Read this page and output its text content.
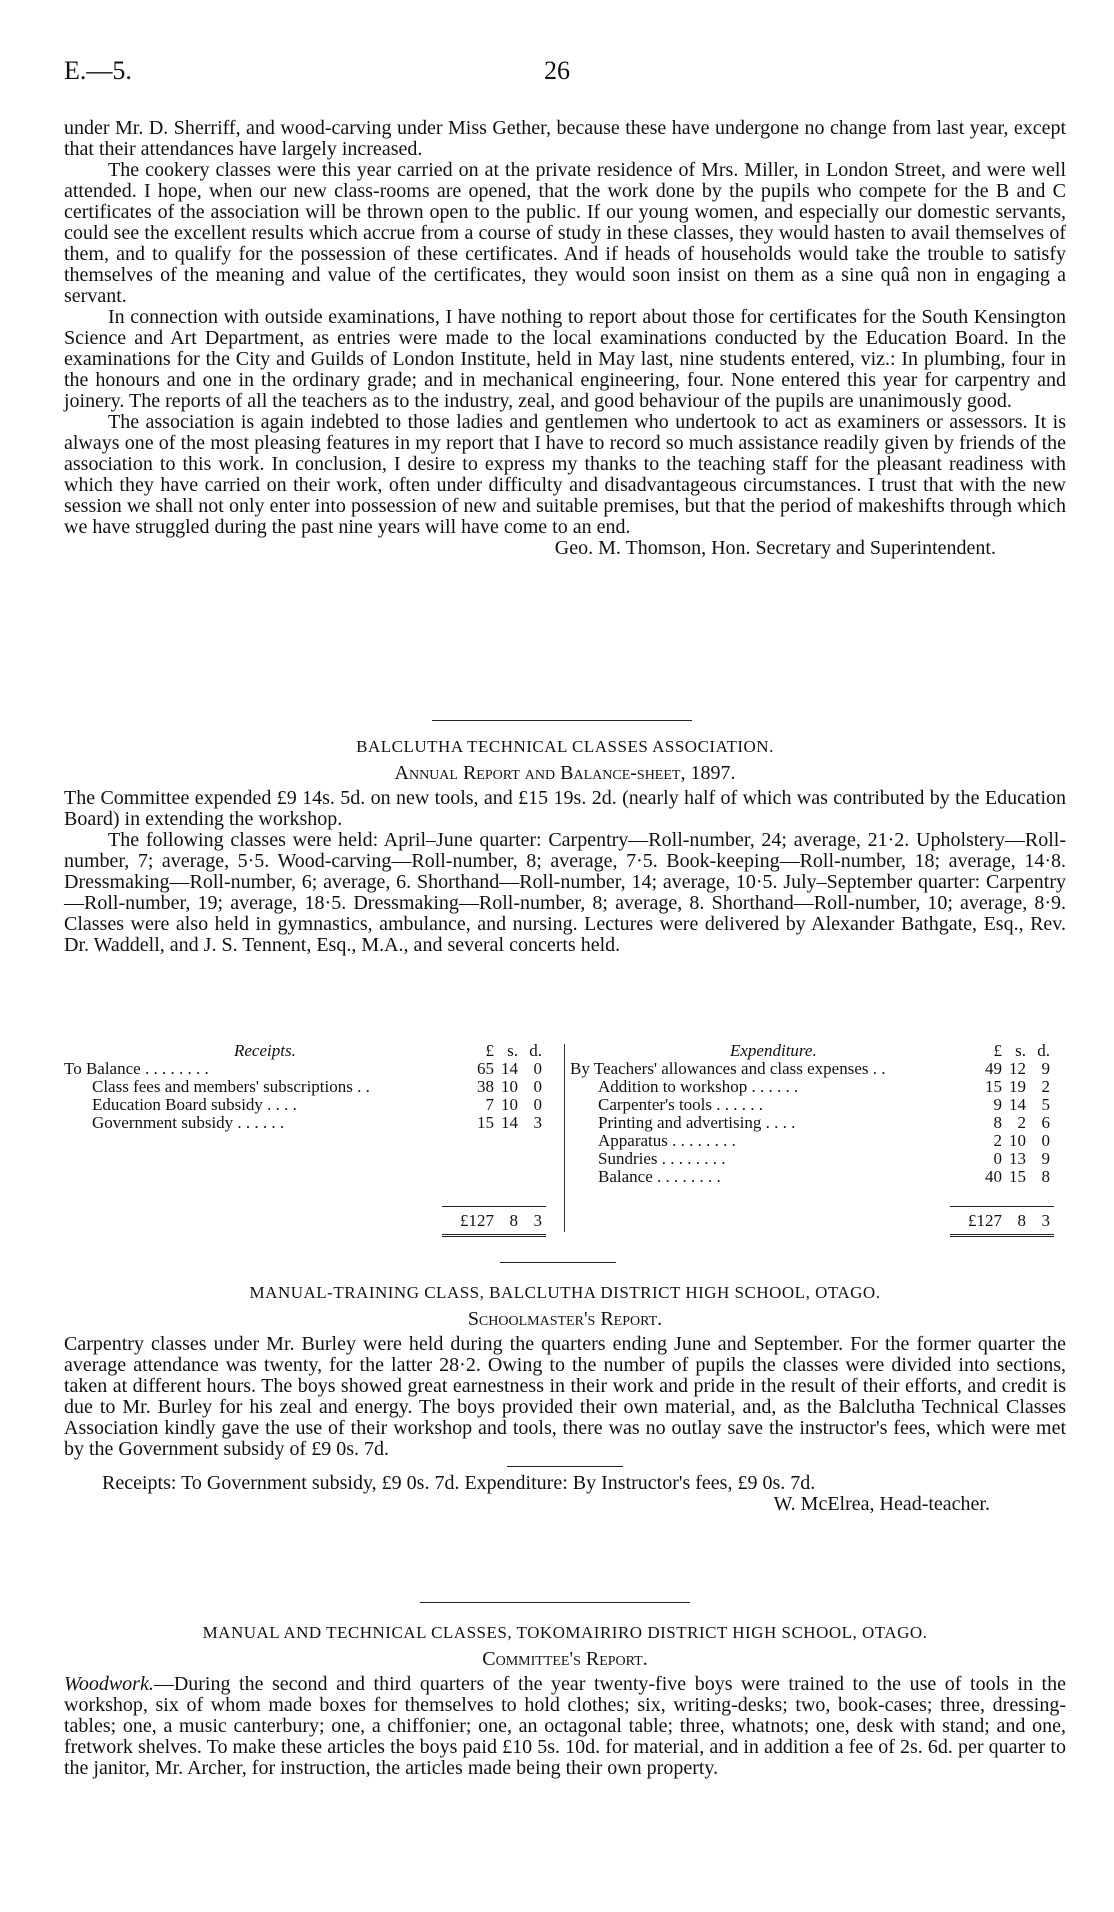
E.—5.	26

under Mr. D. Sherriff, and wood-carving under Miss Gether, because these have undergone no change from last year, except that their attendances have largely increased.

The cookery classes were this year carried on at the private residence of Mrs. Miller, in London Street, and were well attended. I hope, when our new class-rooms are opened, that the work done by the pupils who compete for the B and C certificates of the association will be thrown open to the public. If our young women, and especially our domestic servants, could see the excellent results which accrue from a course of study in these classes, they would hasten to avail themselves of them, and to qualify for the possession of these certificates. And if heads of households would take the trouble to satisfy themselves of the meaning and value of the certificates, they would soon insist on them as a sine quâ non in engaging a servant.

In connection with outside examinations, I have nothing to report about those for certificates for the South Kensington Science and Art Department, as entries were made to the local examinations conducted by the Education Board. In the examinations for the City and Guilds of London Institute, held in May last, nine students entered, viz.: In plumbing, four in the honours and one in the ordinary grade; and in mechanical engineering, four. None entered this year for carpentry and joinery. The reports of all the teachers as to the industry, zeal, and good behaviour of the pupils are unanimously good.

The association is again indebted to those ladies and gentlemen who undertook to act as examiners or assessors. It is always one of the most pleasing features in my report that I have to record so much assistance readily given by friends of the association to this work. In conclusion, I desire to express my thanks to the teaching staff for the pleasant readiness with which they have carried on their work, often under difficulty and disadvantageous circumstances. I trust that with the new session we shall not only enter into possession of new and suitable premises, but that the period of makeshifts through which we have struggled during the past nine years will have come to an end.

Geo. M. Thomson, Hon. Secretary and Superintendent.
BALCLUTHA TECHNICAL CLASSES ASSOCIATION.
Annual Report and Balance-sheet, 1897.

The Committee expended £9 14s. 5d. on new tools, and £15 19s. 2d. (nearly half of which was contributed by the Education Board) in extending the workshop.

The following classes were held: April–June quarter: Carpentry—Roll-number, 24; average, 21·2. Upholstery—Roll-number, 7; average, 5·5. Wood-carving—Roll-number, 8; average, 7·5. Book-keeping—Roll-number, 18; average, 14·8. Dressmaking—Roll-number, 6; average, 6. Shorthand—Roll-number, 14; average, 10·5. July–September quarter: Carpentry—Roll-number, 19; average, 18·5. Dressmaking—Roll-number, 8; average, 8. Shorthand—Roll-number, 10; average, 8·9. Classes were also held in gymnastics, ambulance, and nursing. Lectures were delivered by Alexander Bathgate, Esq., Rev. Dr. Waddell, and J. S. Tennent, Esq., M.A., and several concerts held.

Receipts.	£ s. d.
To Balance . . . . . . . .	65 14 0
Class fees and members' subscriptions . .	38 10 0
Education Board subsidy . . . .	7 10 0
Government subsidy . . . . . .	15 14 3
£127 8 3
Expenditure.	£ s. d.
By Teachers' allowances and class expenses . .	49 12 9
Addition to workshop . . . . . .	15 19 2
Carpenter's tools . . . . . .	9 14 5
Printing and advertising . . . .	8 2 6
Apparatus . . . . . . . .	2 10 0
Sundries . . . . . . . .	0 13 9
Balance . . . . . . . .	40 15 8
£127 8 3
MANUAL-TRAINING CLASS, BALCLUTHA DISTRICT HIGH SCHOOL, OTAGO.
Schoolmaster's Report.

Carpentry classes under Mr. Burley were held during the quarters ending June and September. For the former quarter the average attendance was twenty, for the latter 28·2. Owing to the number of pupils the classes were divided into sections, taken at different hours. The boys showed great earnestness in their work and pride in the result of their efforts, and credit is due to Mr. Burley for his zeal and energy. The boys provided their own material, and, as the Balclutha Technical Classes Association kindly gave the use of their workshop and tools, there was no outlay save the instructor's fees, which were met by the Government subsidy of £9 0s. 7d.

Receipts: To Government subsidy, £9 0s. 7d. Expenditure: By Instructor's fees, £9 0s. 7d.
W. McElrea, Head-teacher.
MANUAL AND TECHNICAL CLASSES, TOKOMAIRIRO DISTRICT HIGH SCHOOL, OTAGO.
Committee's Report.

Woodwork.—During the second and third quarters of the year twenty-five boys were trained to the use of tools in the workshop, six of whom made boxes for themselves to hold clothes; six, writing-desks; two, book-cases; three, dressing-tables; one, a music canterbury; one, a chiffonier; one, an octagonal table; three, whatnots; one, desk with stand; and one, fretwork shelves. To make these articles the boys paid £10 5s. 10d. for material, and in addition a fee of 2s. 6d. per quarter to the janitor, Mr. Archer, for instruction, the articles made being their own property.
